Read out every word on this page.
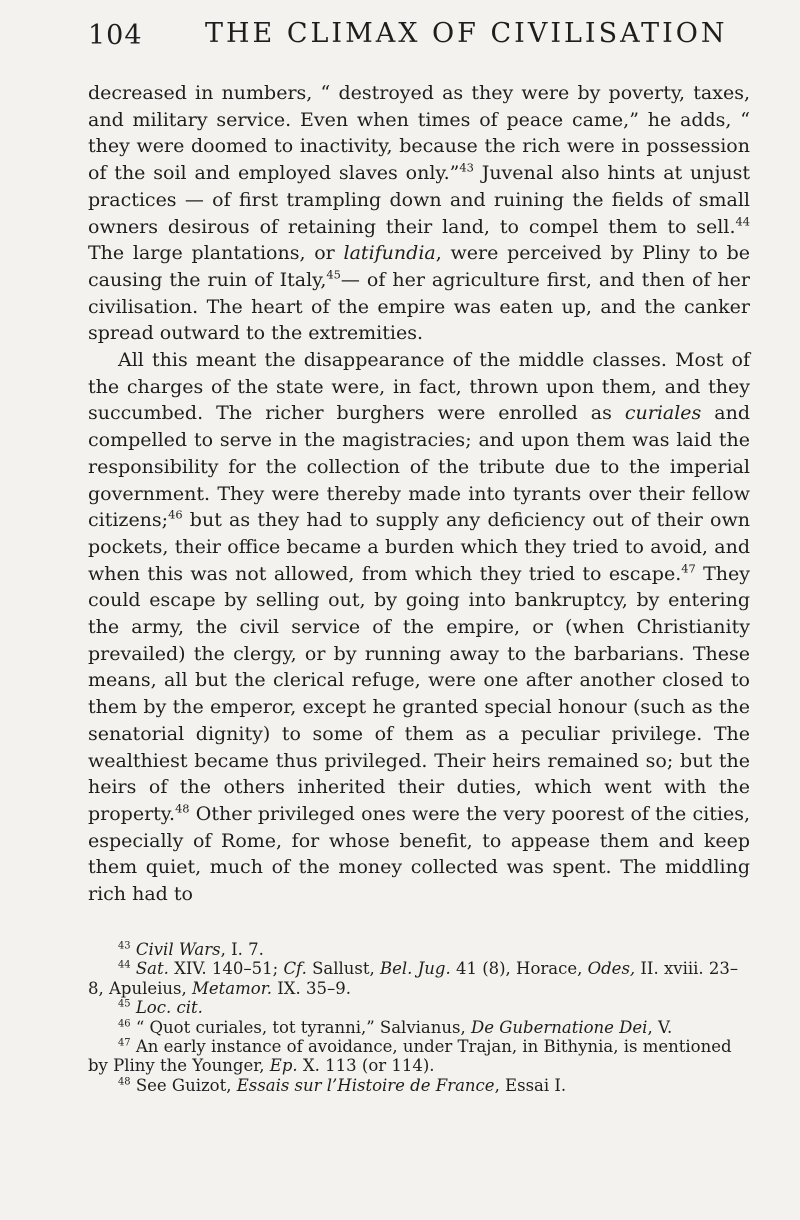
104 THE CLIMAX OF CIVILISATION

decreased in numbers, “ destroyed as they were by poverty, taxes, and military service. Even when times of peace came,” he adds, “ they were doomed to inactivity, because the rich were in possession of the soil and employed slaves only.”$^{43}$ Juvenal also hints at unjust practices — of first trampling down and ruining the fields of small owners desirous of retaining their land, to compel them to sell.$^{44}$ The large plantations, or latifundia, were perceived by Pliny to be causing the ruin of Italy,$^{45}$— of her agriculture first, and then of her civilisation. The heart of the empire was eaten up, and the canker spread outward to the extremities.

All this meant the disappearance of the middle classes. Most of the charges of the state were, in fact, thrown upon them, and they succumbed. The richer burghers were enrolled as curiales and compelled to serve in the magistracies; and upon them was laid the responsibility for the collection of the tribute due to the imperial government. They were thereby made into tyrants over their fellow citizens;$^{46}$ but as they had to supply any deficiency out of their own pockets, their office became a burden which they tried to avoid, and when this was not allowed, from which they tried to escape.$^{47}$ They could escape by selling out, by going into bankruptcy, by entering the army, the civil service of the empire, or (when Christianity prevailed) the clergy, or by running away to the barbarians. These means, all but the clerical refuge, were one after another closed to them by the emperor, except he granted special honour (such as the senatorial dignity) to some of them as a peculiar privilege. The wealthiest became thus privileged. Their heirs remained so; but the heirs of the others inherited their duties, which went with the property.$^{48}$ Other privileged ones were the very poorest of the cities, especially of Rome, for whose benefit, to appease them and keep them quiet, much of the money collected was spent. The middling rich had to

$^{43}$ Civil Wars, I. 7.

$^{44}$ Sat. XIV. 140–51; Cf. Sallust, Bel. Jug. 41 (8), Horace, Odes, II. xviii. 23–8, Apuleius, Metamor. IX. 35–9.

$^{45}$ Loc. cit.

$^{46}$ “ Quot curiales, tot tyranni,” Salvianus, De Gubernatione Dei, V.

$^{47}$ An early instance of avoidance, under Trajan, in Bithynia, is mentioned by Pliny the Younger, Ep. X. 113 (or 114).

$^{48}$ See Guizot, Essais sur l’Histoire de France, Essai I.
